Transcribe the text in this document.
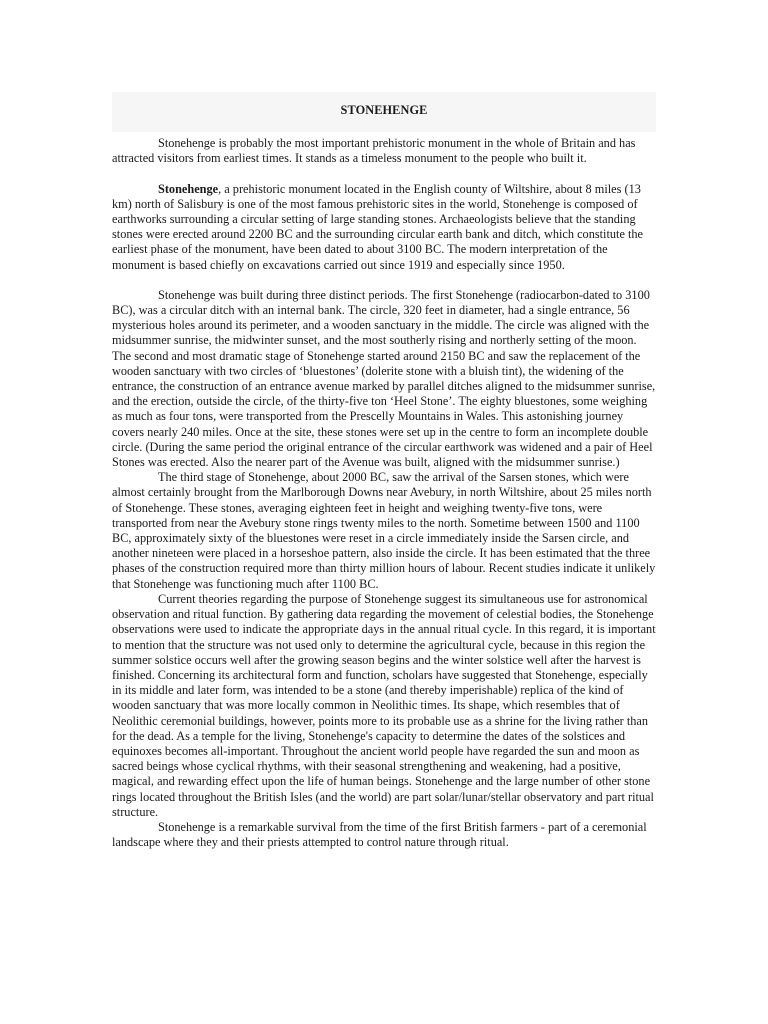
STONEHENGE

Stonehenge is probably the most important prehistoric monument in the whole of Britain and has attracted visitors from earliest times. It stands as a timeless monument to the people who built it.

Stonehenge, a prehistoric monument located in the English county of Wiltshire, about 8 miles (13 km) north of Salisbury is one of the most famous prehistoric sites in the world, Stonehenge is composed of earthworks surrounding a circular setting of large standing stones. Archaeologists believe that the standing stones were erected around 2200 BC and the surrounding circular earth bank and ditch, which constitute the earliest phase of the monument, have been dated to about 3100 BC. The modern interpretation of the monument is based chiefly on excavations carried out since 1919 and especially since 1950.

Stonehenge was built during three distinct periods. The first Stonehenge (radiocarbon-dated to 3100 BC), was a circular ditch with an internal bank. The circle, 320 feet in diameter, had a single entrance, 56 mysterious holes around its perimeter, and a wooden sanctuary in the middle. The circle was aligned with the midsummer sunrise, the midwinter sunset, and the most southerly rising and northerly setting of the moon. The second and most dramatic stage of Stonehenge started around 2150 BC and saw the replacement of the wooden sanctuary with two circles of ‘bluestones’ (dolerite stone with a bluish tint), the widening of the entrance, the construction of an entrance avenue marked by parallel ditches aligned to the midsummer sunrise, and the erection, outside the circle, of the thirty-five ton ‘Heel Stone’. The eighty bluestones, some weighing as much as four tons, were transported from the Prescelly Mountains in Wales. This astonishing journey covers nearly 240 miles. Once at the site, these stones were set up in the centre to form an incomplete double circle. (During the same period the original entrance of the circular earthwork was widened and a pair of Heel Stones was erected. Also the nearer part of the Avenue was built, aligned with the midsummer sunrise.)

The third stage of Stonehenge, about 2000 BC, saw the arrival of the Sarsen stones, which were almost certainly brought from the Marlborough Downs near Avebury, in north Wiltshire, about 25 miles north of Stonehenge. These stones, averaging eighteen feet in height and weighing twenty-five tons, were transported from near the Avebury stone rings twenty miles to the north. Sometime between 1500 and 1100 BC, approximately sixty of the bluestones were reset in a circle immediately inside the Sarsen circle, and another nineteen were placed in a horseshoe pattern, also inside the circle. It has been estimated that the three phases of the construction required more than thirty million hours of labour. Recent studies indicate it unlikely that Stonehenge was functioning much after 1100 BC.

Current theories regarding the purpose of Stonehenge suggest its simultaneous use for astronomical observation and ritual function. By gathering data regarding the movement of celestial bodies, the Stonehenge observations were used to indicate the appropriate days in the annual ritual cycle. In this regard, it is important to mention that the structure was not used only to determine the agricultural cycle, because in this region the summer solstice occurs well after the growing season begins and the winter solstice well after the harvest is finished. Concerning its architectural form and function, scholars have suggested that Stonehenge, especially in its middle and later form, was intended to be a stone (and thereby imperishable) replica of the kind of wooden sanctuary that was more locally common in Neolithic times. Its shape, which resembles that of Neolithic ceremonial buildings, however, points more to its probable use as a shrine for the living rather than for the dead. As a temple for the living, Stonehenge's capacity to determine the dates of the solstices and equinoxes becomes all-important. Throughout the ancient world people have regarded the sun and moon as sacred beings whose cyclical rhythms, with their seasonal strengthening and weakening, had a positive, magical, and rewarding effect upon the life of human beings. Stonehenge and the large number of other stone rings located throughout the British Isles (and the world) are part solar/lunar/stellar observatory and part ritual structure.

Stonehenge is a remarkable survival from the time of the first British farmers - part of a ceremonial landscape where they and their priests attempted to control nature through ritual.
